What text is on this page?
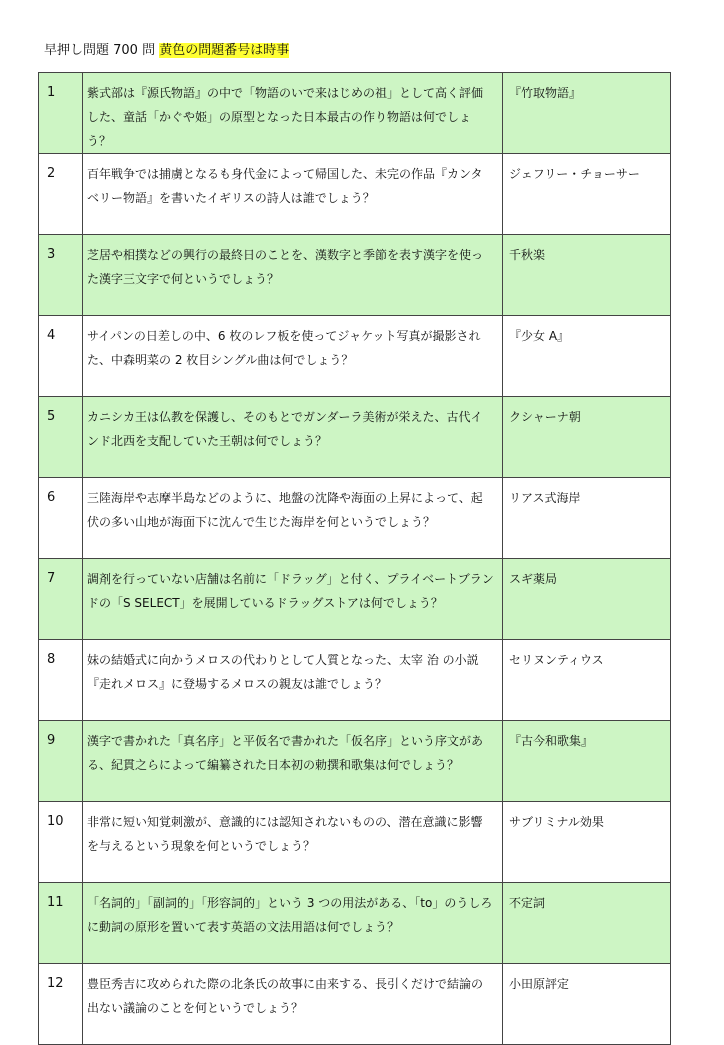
早押し問題 700 問 黄色の問題番号は時事
1	紫式部は『源氏物語』の中で「物語のいで来はじめの祖」として高く評価した、童話「かぐや姫」の原型となった日本最古の作り物語は何でしょう？	『竹取物語』
2	百年戦争では捕虜となるも身代金によって帰国した、未完の作品『カンタベリー物語』を書いたイギリスの詩人は誰でしょう？	ジェフリー・チョーサー
3	芝居や相撲などの興行の最終日のことを、漢数字と季節を表す漢字を使った漢字三文字で何というでしょう？	千秋楽
4	サイパンの日差しの中、6 枚のレフ板を使ってジャケット写真が撮影された、中森明菜の 2 枚目シングル曲は何でしょう？	『少女 A』
5	カニシカ王は仏教を保護し、そのもとでガンダーラ美術が栄えた、古代インド北西を支配していた王朝は何でしょう？	クシャーナ朝
6	三陸海岸や志摩半島などのように、地盤の沈降や海面の上昇によって、起伏の多い山地が海面下に沈んで生じた海岸を何というでしょう？	リアス式海岸
7	調剤を行っていない店舗は名前に「ドラッグ」と付く、プライベートブランドの「S SELECT」を展開しているドラッグストアは何でしょう？	スギ薬局
8	妹の結婚式に向かうメロスの代わりとして人質となった、太宰 治 の小説『走れメロス』に登場するメロスの親友は誰でしょう？	セリヌンティウス
9	漢字で書かれた「真名序」と平仮名で書かれた「仮名序」という序文がある、紀貫之らによって編纂された日本初の勅撰和歌集は何でしょう？	『古今和歌集』
10	非常に短い知覚刺激が、意識的には認知されないものの、潜在意識に影響を与えるという現象を何というでしょう？	サブリミナル効果
11	「名詞的」「副詞的」「形容詞的」という 3 つの用法がある、「to」のうしろに動詞の原形を置いて表す英語の文法用語は何でしょう？	不定詞
12	豊臣秀吉に攻められた際の北条氏の故事に由来する、長引くだけで結論の出ない議論のことを何というでしょう？	小田原評定
